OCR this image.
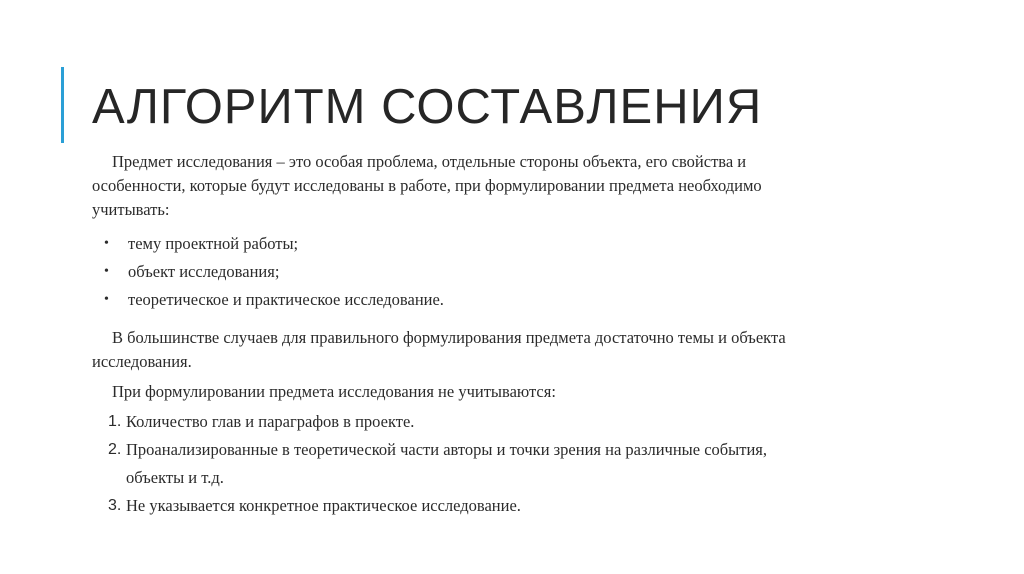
АЛГОРИТМ СОСТАВЛЕНИЯ

Предмет исследования – это особая проблема, отдельные стороны объекта, его свойства и особенности, которые будут исследованы в работе, при формулировании предмета необходимо учитывать:

• тему проектной работы;
• объект исследования;
• теоретическое и практическое исследование.

В большинстве случаев для правильного формулирования предмета достаточно темы и объекта исследования.

При формулировании предмета исследования не учитываются:

1. Количество глав и параграфов в проекте.
2. Проанализированные в теоретической части авторы и точки зрения на различные события, объекты и т.д.
3. Не указывается конкретное практическое исследование.
